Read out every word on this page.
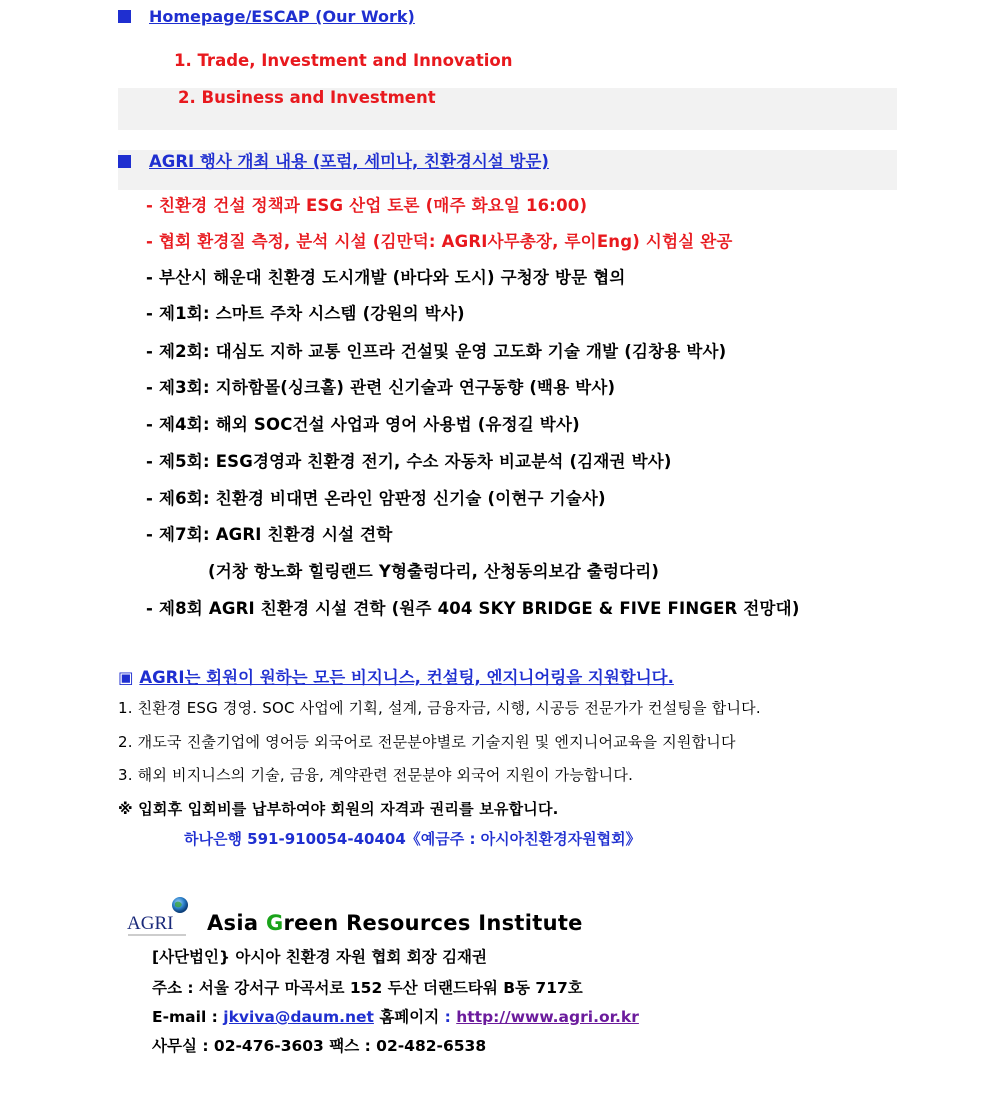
Homepage/ESCAP (Our Work)
1. Trade, Investment and Innovation
2. Business and Investment
AGRI 행사 개최 내용 (포럼, 세미나, 친환경시설 방문)
- 친환경 건설 정책과 ESG 산업 토론 (매주 화요일 16:00)
- 협회 환경질 측정, 분석 시설 (김만덕: AGRI사무총장, 루이Eng) 시험실 완공
- 부산시 해운대 친환경 도시개발 (바다와 도시) 구청장 방문 협의
- 제1회: 스마트 주차 시스템 (강원의 박사)
- 제2회: 대심도 지하 교통 인프라 건설및 운영 고도화 기술 개발 (김창용 박사)
- 제3회: 지하함몰(싱크홀) 관련 신기술과 연구동향 (백용 박사)
- 제4회: 해외 SOC건설 사업과 영어 사용법 (유정길 박사)
- 제5회: ESG경영과 친환경 전기, 수소 자동차 비교분석 (김재권 박사)
- 제6회: 친환경 비대면 온라인 암판정 신기술 (이현구 기술사)
- 제7회: AGRI 친환경 시설 견학
(거창 항노화 힐링랜드 Y형출렁다리, 산청동의보감 출렁다리)
- 제8회 AGRI 친환경 시설 견학 (원주 404 SKY BRIDGE & FIVE FINGER 전망대)
▣ AGRI는 회원이 원하는 모든 비지니스, 컨설팅, 엔지니어링을 지원합니다.
1. 친환경 ESG 경영. SOC 사업에 기획, 설계, 금융자금, 시행, 시공등 전문가가 컨설팅을 합니다.
2. 개도국 진출기업에 영어등 외국어로 전문분야별로 기술지원 및 엔지니어교육을 지원합니다
3. 해외 비지니스의 기술, 금융, 계약관련 전문분야 외국어 지원이 가능합니다.
※ 입회후 입회비를 납부하여야 회원의 자격과 권리를 보유합니다.
하나은행 591-910054-40404《예금주 : 아시아친환경자원협회》
AGRI Asia Green Resources Institute
[사단법인} 아시아 친환경 자원 협회 회장 김재권
주소 : 서울 강서구 마곡서로 152 두산 더랜드타워 B동 717호
E-mail : jkviva@daum.net 홈페이지 : http://www.agri.or.kr
사무실 : 02-476-3603 팩스 : 02-482-6538
